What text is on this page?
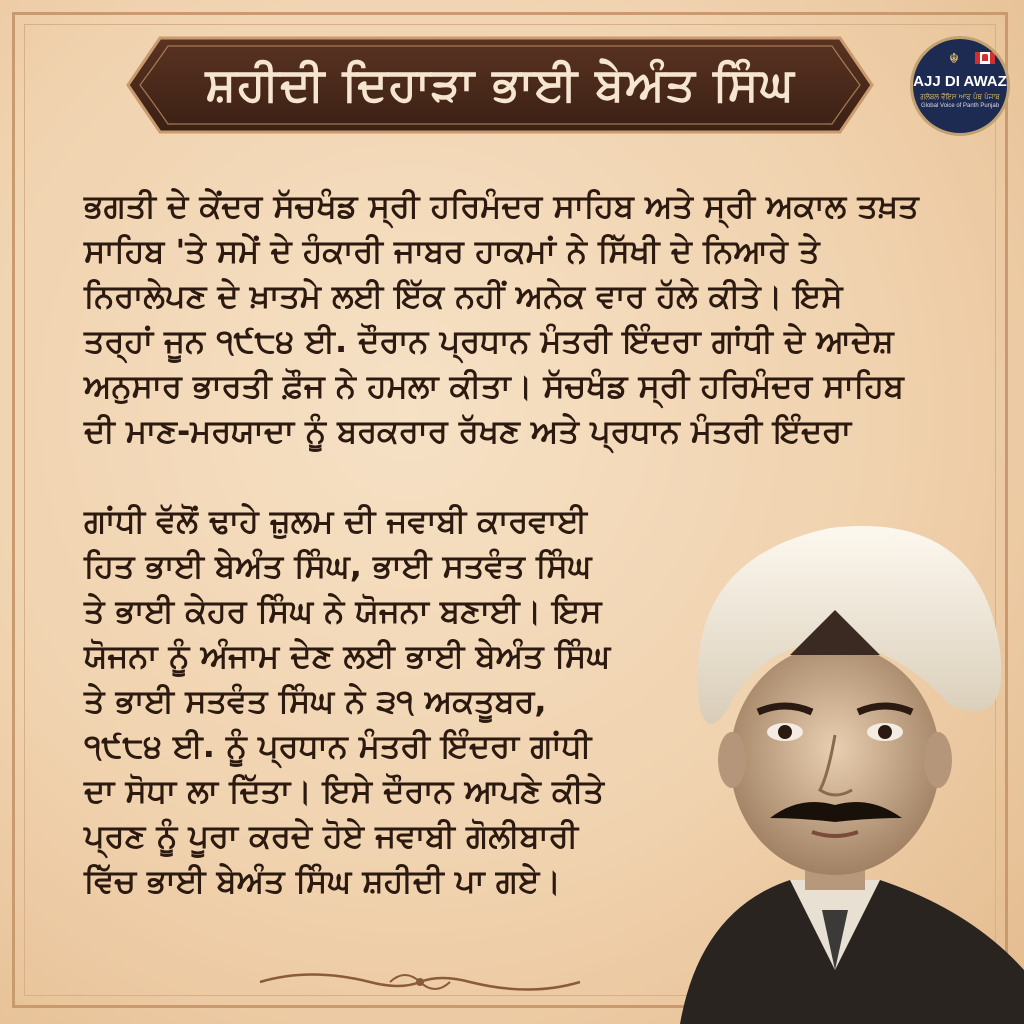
ਸ਼ਹੀਦੀ ਦਿਹਾੜਾ ਭਾਈ ਬੇਅੰਤ ਸਿੰਘ	☬
AJJ DI AWAZ
ਗਲੋਬਲ ਵੌਇਸ ਆਫ ਪੰਥ ਪੰਜਾਬ
Global Voice of Panth Punjab
ਭਗਤੀ ਦੇ ਕੇਂਦਰ ਸੱਚਖੰਡ ਸ੍ਰੀ ਹਰਿਮੰਦਰ ਸਾਹਿਬ ਅਤੇ ਸ੍ਰੀ ਅਕਾਲ ਤਖ਼ਤ
ਸਾਹਿਬ 'ਤੇ ਸਮੇਂ ਦੇ ਹੰਕਾਰੀ ਜਾਬਰ ਹਾਕਮਾਂ ਨੇ ਸਿੱਖੀ ਦੇ ਨਿਆਰੇ ਤੇ
ਨਿਰਾਲੇਪਣ ਦੇ ਖ਼ਾਤਮੇ ਲਈ ਇੱਕ ਨਹੀਂ ਅਨੇਕ ਵਾਰ ਹੱਲੇ ਕੀਤੇ। ਇਸੇ
ਤਰ੍ਹਾਂ ਜੂਨ ੧੯੮੪ ਈ. ਦੌਰਾਨ ਪ੍ਰਧਾਨ ਮੰਤਰੀ ਇੰਦਰਾ ਗਾਂਧੀ ਦੇ ਆਦੇਸ਼
ਅਨੁਸਾਰ ਭਾਰਤੀ ਫ਼ੌਜ ਨੇ ਹਮਲਾ ਕੀਤਾ। ਸੱਚਖੰਡ ਸ੍ਰੀ ਹਰਿਮੰਦਰ ਸਾਹਿਬ
ਦੀ ਮਾਣ-ਮਰਯਾਦਾ ਨੂੰ ਬਰਕਰਾਰ ਰੱਖਣ ਅਤੇ ਪ੍ਰਧਾਨ ਮੰਤਰੀ ਇੰਦਰਾ
ਗਾਂਧੀ ਵੱਲੋਂ ਢਾਹੇ ਜ਼ੁਲਮ ਦੀ ਜਵਾਬੀ ਕਾਰਵਾਈ
ਹਿਤ ਭਾਈ ਬੇਅੰਤ ਸਿੰਘ, ਭਾਈ ਸਤਵੰਤ ਸਿੰਘ
ਤੇ ਭਾਈ ਕੇਹਰ ਸਿੰਘ ਨੇ ਯੋਜਨਾ ਬਣਾਈ। ਇਸ
ਯੋਜਨਾ ਨੂੰ ਅੰਜਾਮ ਦੇਣ ਲਈ ਭਾਈ ਬੇਅੰਤ ਸਿੰਘ
ਤੇ ਭਾਈ ਸਤਵੰਤ ਸਿੰਘ ਨੇ ੩੧ ਅਕਤੂਬਰ,
੧੯੮੪ ਈ. ਨੂੰ ਪ੍ਰਧਾਨ ਮੰਤਰੀ ਇੰਦਰਾ ਗਾਂਧੀ
ਦਾ ਸੋਧਾ ਲਾ ਦਿੱਤਾ। ਇਸੇ ਦੌਰਾਨ ਆਪਣੇ ਕੀਤੇ
ਪ੍ਰਣ ਨੂੰ ਪੂਰਾ ਕਰਦੇ ਹੋਏ ਜਵਾਬੀ ਗੋਲੀਬਾਰੀ
ਵਿੱਚ ਭਾਈ ਬੇਅੰਤ ਸਿੰਘ ਸ਼ਹੀਦੀ ਪਾ ਗਏ।
